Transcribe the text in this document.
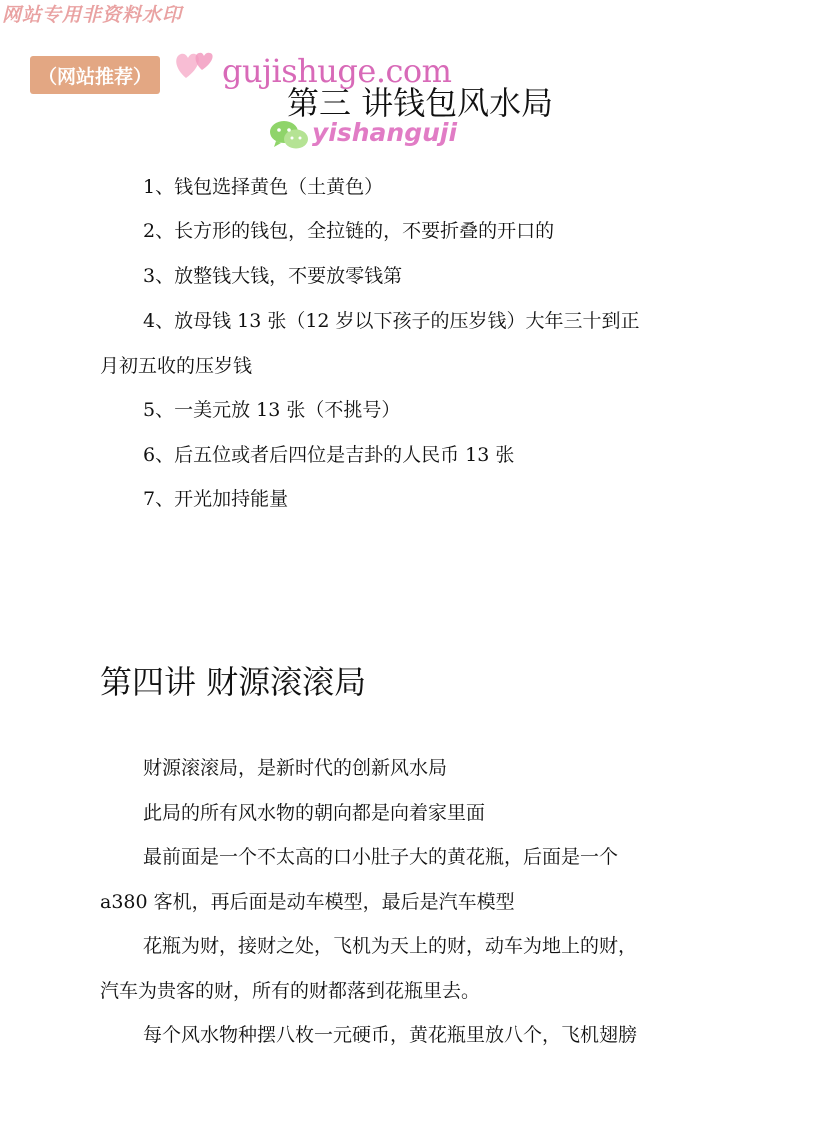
网站专用非资料水印
（网站推荐） gujishuge.com
yishanguji
第三 讲钱包风水局
1、钱包选择黄色（土黄色）
2、长方形的钱包，全拉链的，不要折叠的开口的
3、放整钱大钱，不要放零钱第
4、放母钱 13 张（12 岁以下孩子的压岁钱）大年三十到正
月初五收的压岁钱
5、一美元放 13 张（不挑号）
6、后五位或者后四位是吉卦的人民币 13 张
7、开光加持能量
第四讲 财源滚滚局
财源滚滚局，是新时代的创新风水局
此局的所有风水物的朝向都是向着家里面
最前面是一个不太高的口小肚子大的黄花瓶，后面是一个
a380 客机，再后面是动车模型，最后是汽车模型
花瓶为财，接财之处，飞机为天上的财，动车为地上的财，
汽车为贵客的财，所有的财都落到花瓶里去。
每个风水物种摆八枚一元硬币，黄花瓶里放八个，飞机翅膀
